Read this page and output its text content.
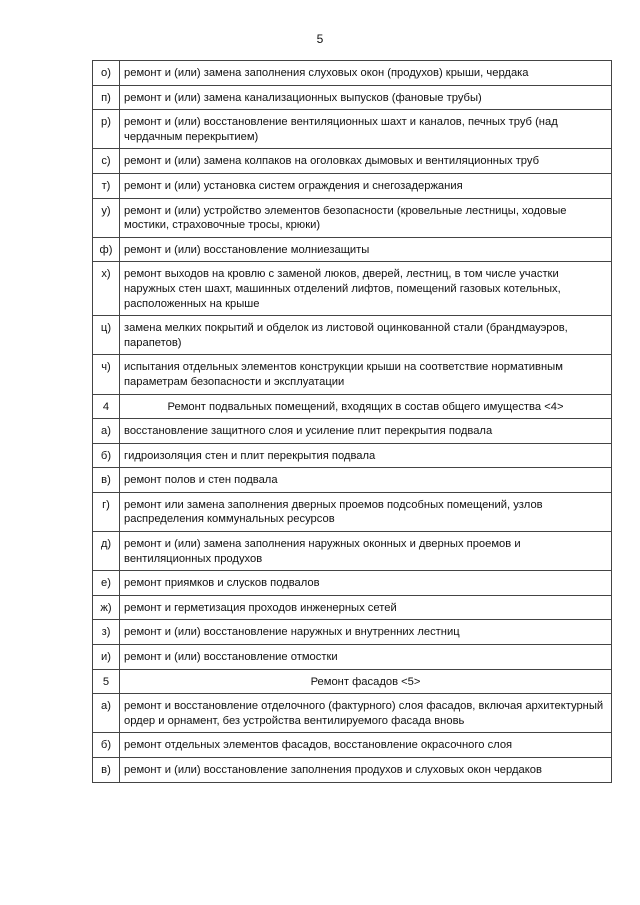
5
о)	ремонт и (или) замена заполнения слуховых окон (продухов) крыши, чердака
п)	ремонт и (или) замена канализационных выпусков (фановые трубы)
р)	ремонт и (или) восстановление вентиляционных шахт и каналов, печных труб (над чердачным перекрытием)
с)	ремонт и (или) замена колпаков на оголовках дымовых и вентиляционных труб
т)	ремонт и (или) установка систем ограждения и снегозадержания
у)	ремонт и (или) устройство элементов безопасности (кровельные лестницы, ходовые мостики, страховочные тросы, крюки)
ф)	ремонт и (или) восстановление молниезащиты
х)	ремонт выходов на кровлю с заменой люков, дверей, лестниц, в том числе участки наружных стен шахт, машинных отделений лифтов, помещений газовых котельных, расположенных на крыше
ц)	замена мелких покрытий и обделок из листовой оцинкованной стали (брандмауэров, парапетов)
ч)	испытания отдельных элементов конструкции крыши на соответствие нормативным параметрам безопасности и эксплуатации
4	Ремонт подвальных помещений, входящих в состав общего имущества <4>
а)	восстановление защитного слоя и усиление плит перекрытия подвала
б)	гидроизоляция стен и плит перекрытия подвала
в)	ремонт полов и стен подвала
г)	ремонт или замена заполнения дверных проемов подсобных помещений, узлов распределения коммунальных ресурсов
д)	ремонт и (или) замена заполнения наружных оконных и дверных проемов и вентиляционных продухов
е)	ремонт приямков и слусков подвалов
ж)	ремонт и герметизация проходов инженерных сетей
з)	ремонт и (или) восстановление наружных и внутренних лестниц
и)	ремонт и (или) восстановление отмостки
5	Ремонт фасадов <5>
а)	ремонт и восстановление отделочного (фактурного) слоя фасадов, включая архитектурный ордер и орнамент, без устройства вентилируемого фасада вновь
б)	ремонт отдельных элементов фасадов, восстановление окрасочного слоя
в)	ремонт и (или) восстановление заполнения продухов и слуховых окон чердаков
